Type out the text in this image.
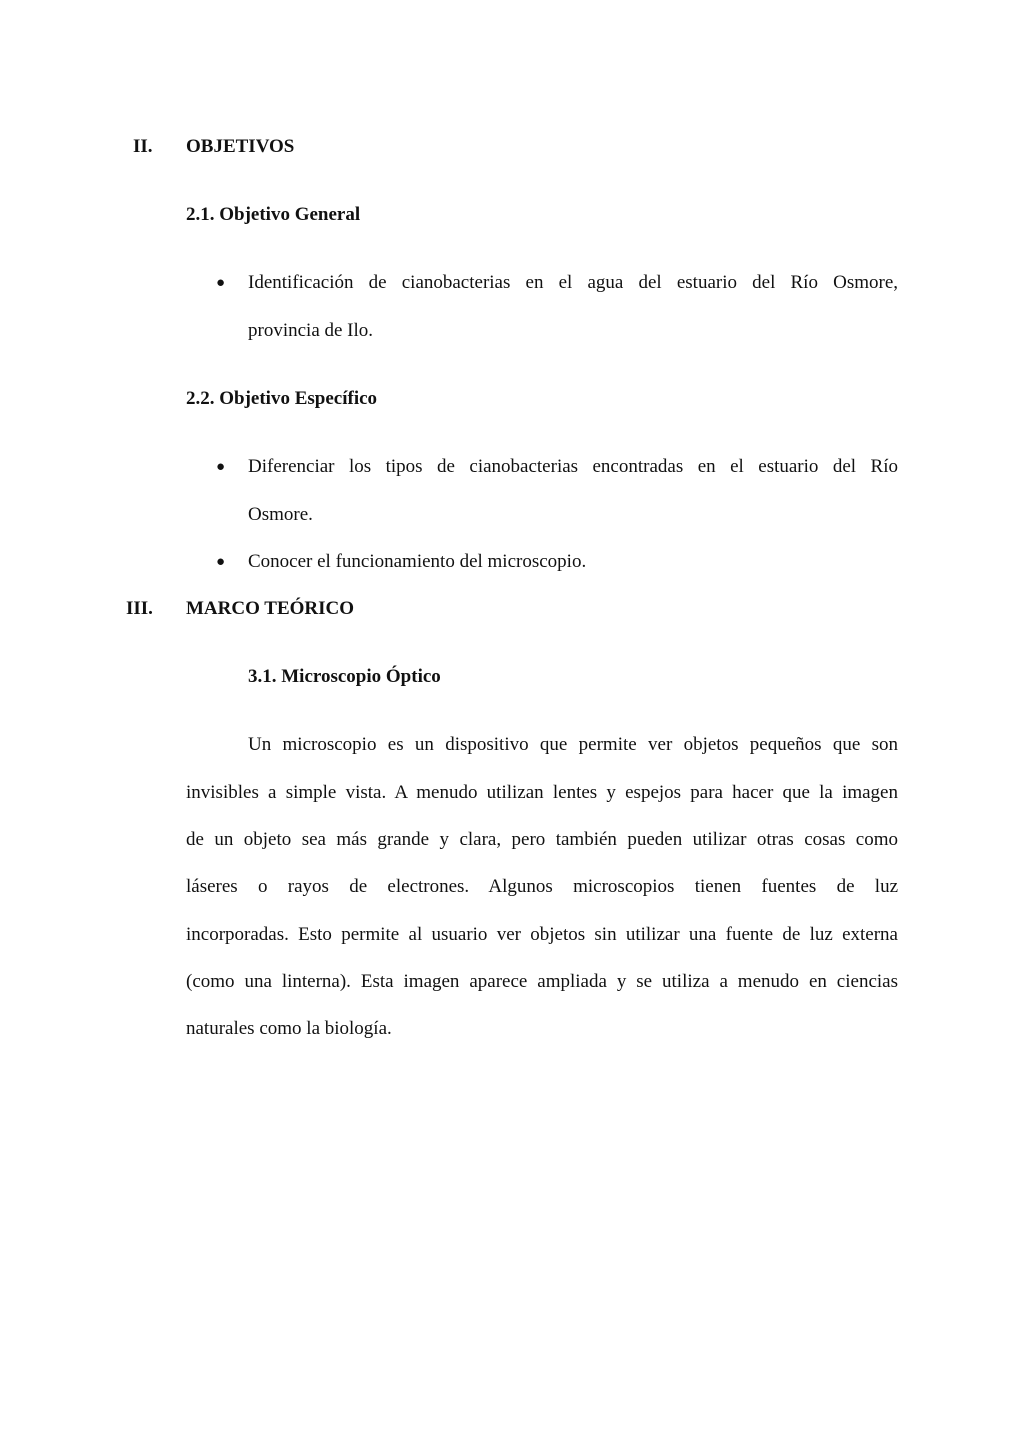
II. OBJETIVOS
2.1. Objetivo General
● Identificación de cianobacterias en el agua del estuario del Río Osmore,
provincia de Ilo.
2.2. Objetivo Específico
● Diferenciar los tipos de cianobacterias encontradas en el estuario del Río
Osmore.
● Conocer el funcionamiento del microscopio.
III. MARCO TEÓRICO
3.1. Microscopio Óptico
Un microscopio es un dispositivo que permite ver objetos pequeños que son
invisibles a simple vista. A menudo utilizan lentes y espejos para hacer que la imagen
de un objeto sea más grande y clara, pero también pueden utilizar otras cosas como
láseres o rayos de electrones. Algunos microscopios tienen fuentes de luz
incorporadas. Esto permite al usuario ver objetos sin utilizar una fuente de luz externa
(como una linterna). Esta imagen aparece ampliada y se utiliza a menudo en ciencias
naturales como la biología.
